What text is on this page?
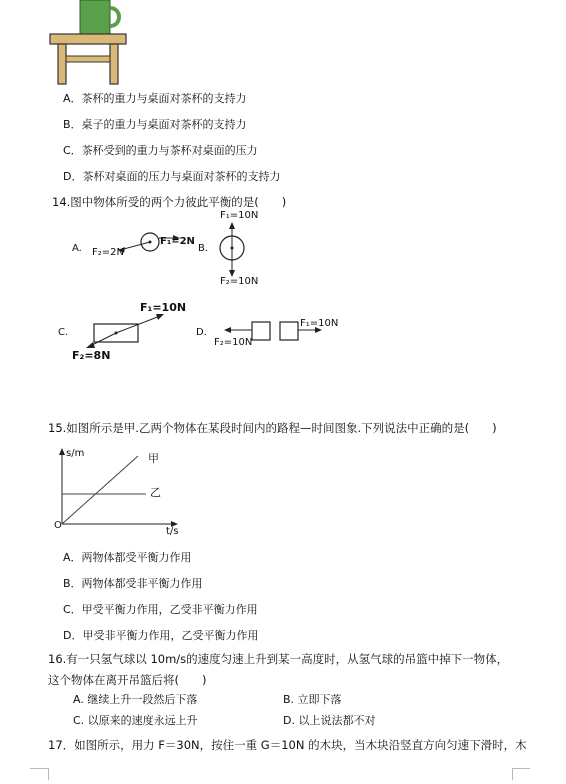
A．茶杯的重力与桌面对茶杯的支持力
B．桌子的重力与桌面对茶杯的支持力
C．茶杯受到的重力与茶杯对桌面的压力
D．茶杯对桌面的压力与桌面对茶杯的支持力
14.图中物体所受的两个力彼此平衡的是(　　)
A. F₂=2N
F₁=2N
B.
F₁=10N
F₂=10N
C.
F₁=10N
F₂=8N
D.
F₁=10N
F₂=10N
15.如图所示是甲.乙两个物体在某段时间内的路程—时间图象.下列说法中正确的是(　　)
s/m	甲
乙
O
t/s
A．两物体都受平衡力作用
B．两物体都受非平衡力作用
C．甲受平衡力作用，乙受非平衡力作用
D．甲受非平衡力作用，乙受平衡力作用
16.有一只氢气球以 10m/s的速度匀速上升到某一高度时，从氢气球的吊篮中掉下一物体，
这个物体在离开吊篮后将(　　)
A. 继续上升一段然后下落	B. 立即下落
C. 以原来的速度永远上升	D. 以上说法都不对
17．如图所示，用力 F＝30N，按住一重 G＝10N 的木块，当木块沿竖直方向匀速下滑时，木
